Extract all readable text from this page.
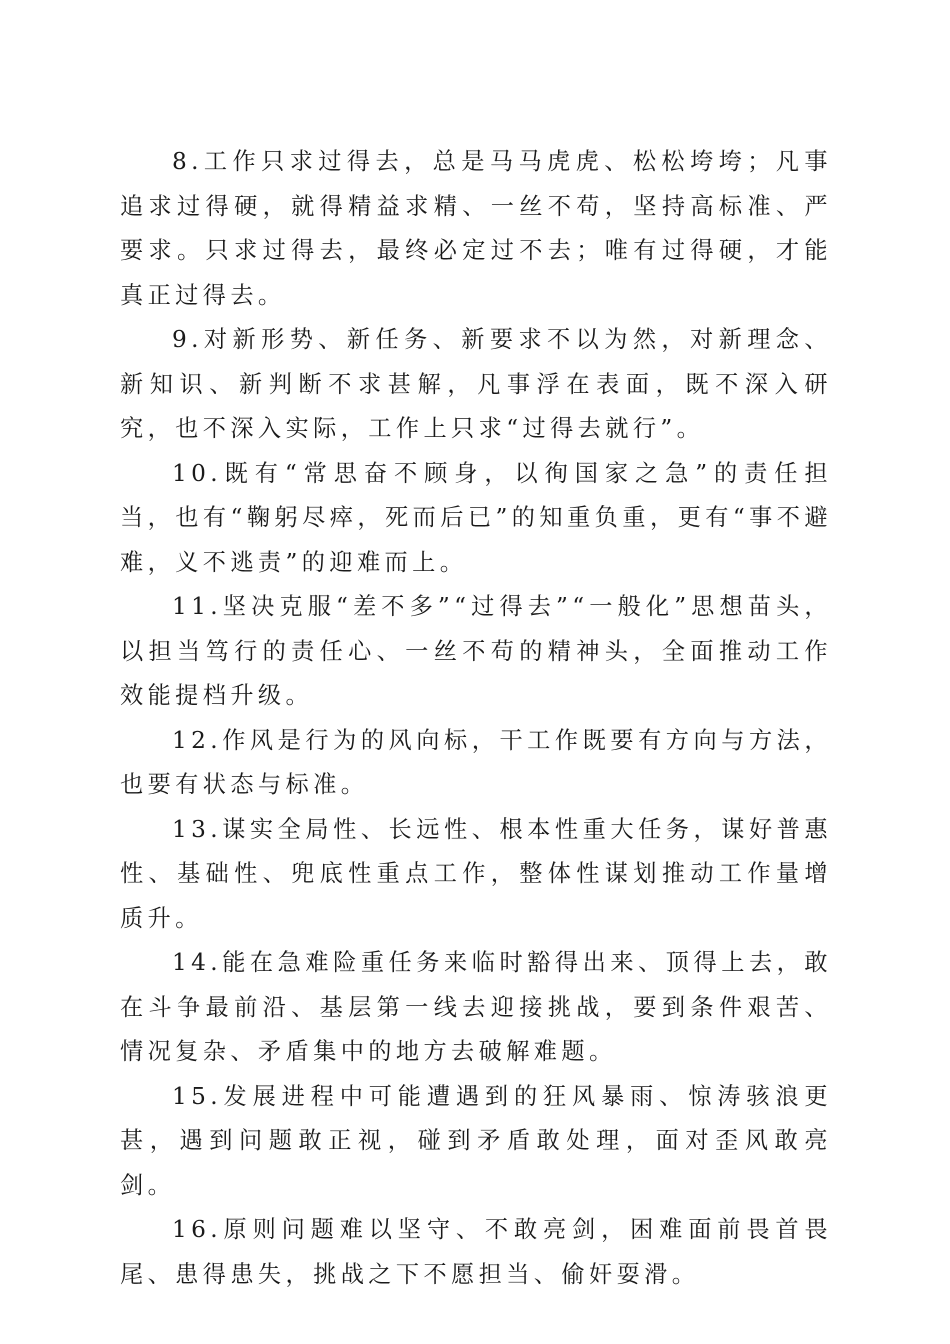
8.工作只求过得去，总是马马虎虎、松松垮垮；凡事追求过得硬，就得精益求精、一丝不苟，坚持高标准、严要求。只求过得去，最终必定过不去；唯有过得硬，才能真正过得去。

9.对新形势、新任务、新要求不以为然，对新理念、新知识、新判断不求甚解，凡事浮在表面，既不深入研究，也不深入实际，工作上只求“过得去就行”。

10.既有“常思奋不顾身，以徇国家之急”的责任担当，也有“鞠躬尽瘁，死而后已”的知重负重，更有“事不避难，义不逃责”的迎难而上。

11.坚决克服“差不多”“过得去”“一般化”思想苗头，以担当笃行的责任心、一丝不苟的精神头，全面推动工作效能提档升级。

12.作风是行为的风向标，干工作既要有方向与方法，也要有状态与标准。

13.谋实全局性、长远性、根本性重大任务，谋好普惠性、基础性、兜底性重点工作，整体性谋划推动工作量增质升。

14.能在急难险重任务来临时豁得出来、顶得上去，敢在斗争最前沿、基层第一线去迎接挑战，要到条件艰苦、情况复杂、矛盾集中的地方去破解难题。

15.发展进程中可能遭遇到的狂风暴雨、惊涛骇浪更甚，遇到问题敢正视，碰到矛盾敢处理，面对歪风敢亮剑。

16.原则问题难以坚守、不敢亮剑，困难面前畏首畏尾、患得患失，挑战之下不愿担当、偷奸耍滑。
